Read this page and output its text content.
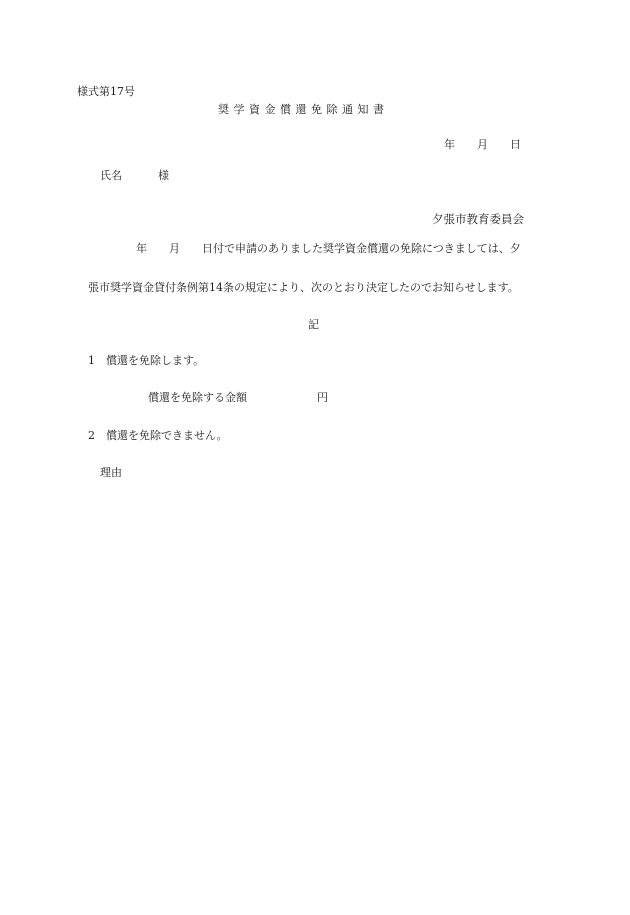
様式第17号
奨 学 資 金 償 還 免 除 通 知 書
年 月 日
氏名	様
夕張市教育委員会
年 月 日付で申請のありました奨学資金償還の免除につきましては、夕
張市奨学資金貸付条例第14条の規定により、次のとおり決定したのでお知らせします。
記
1 償還を免除します。
償還を免除する金額	円
2 償還を免除できません。
理由
